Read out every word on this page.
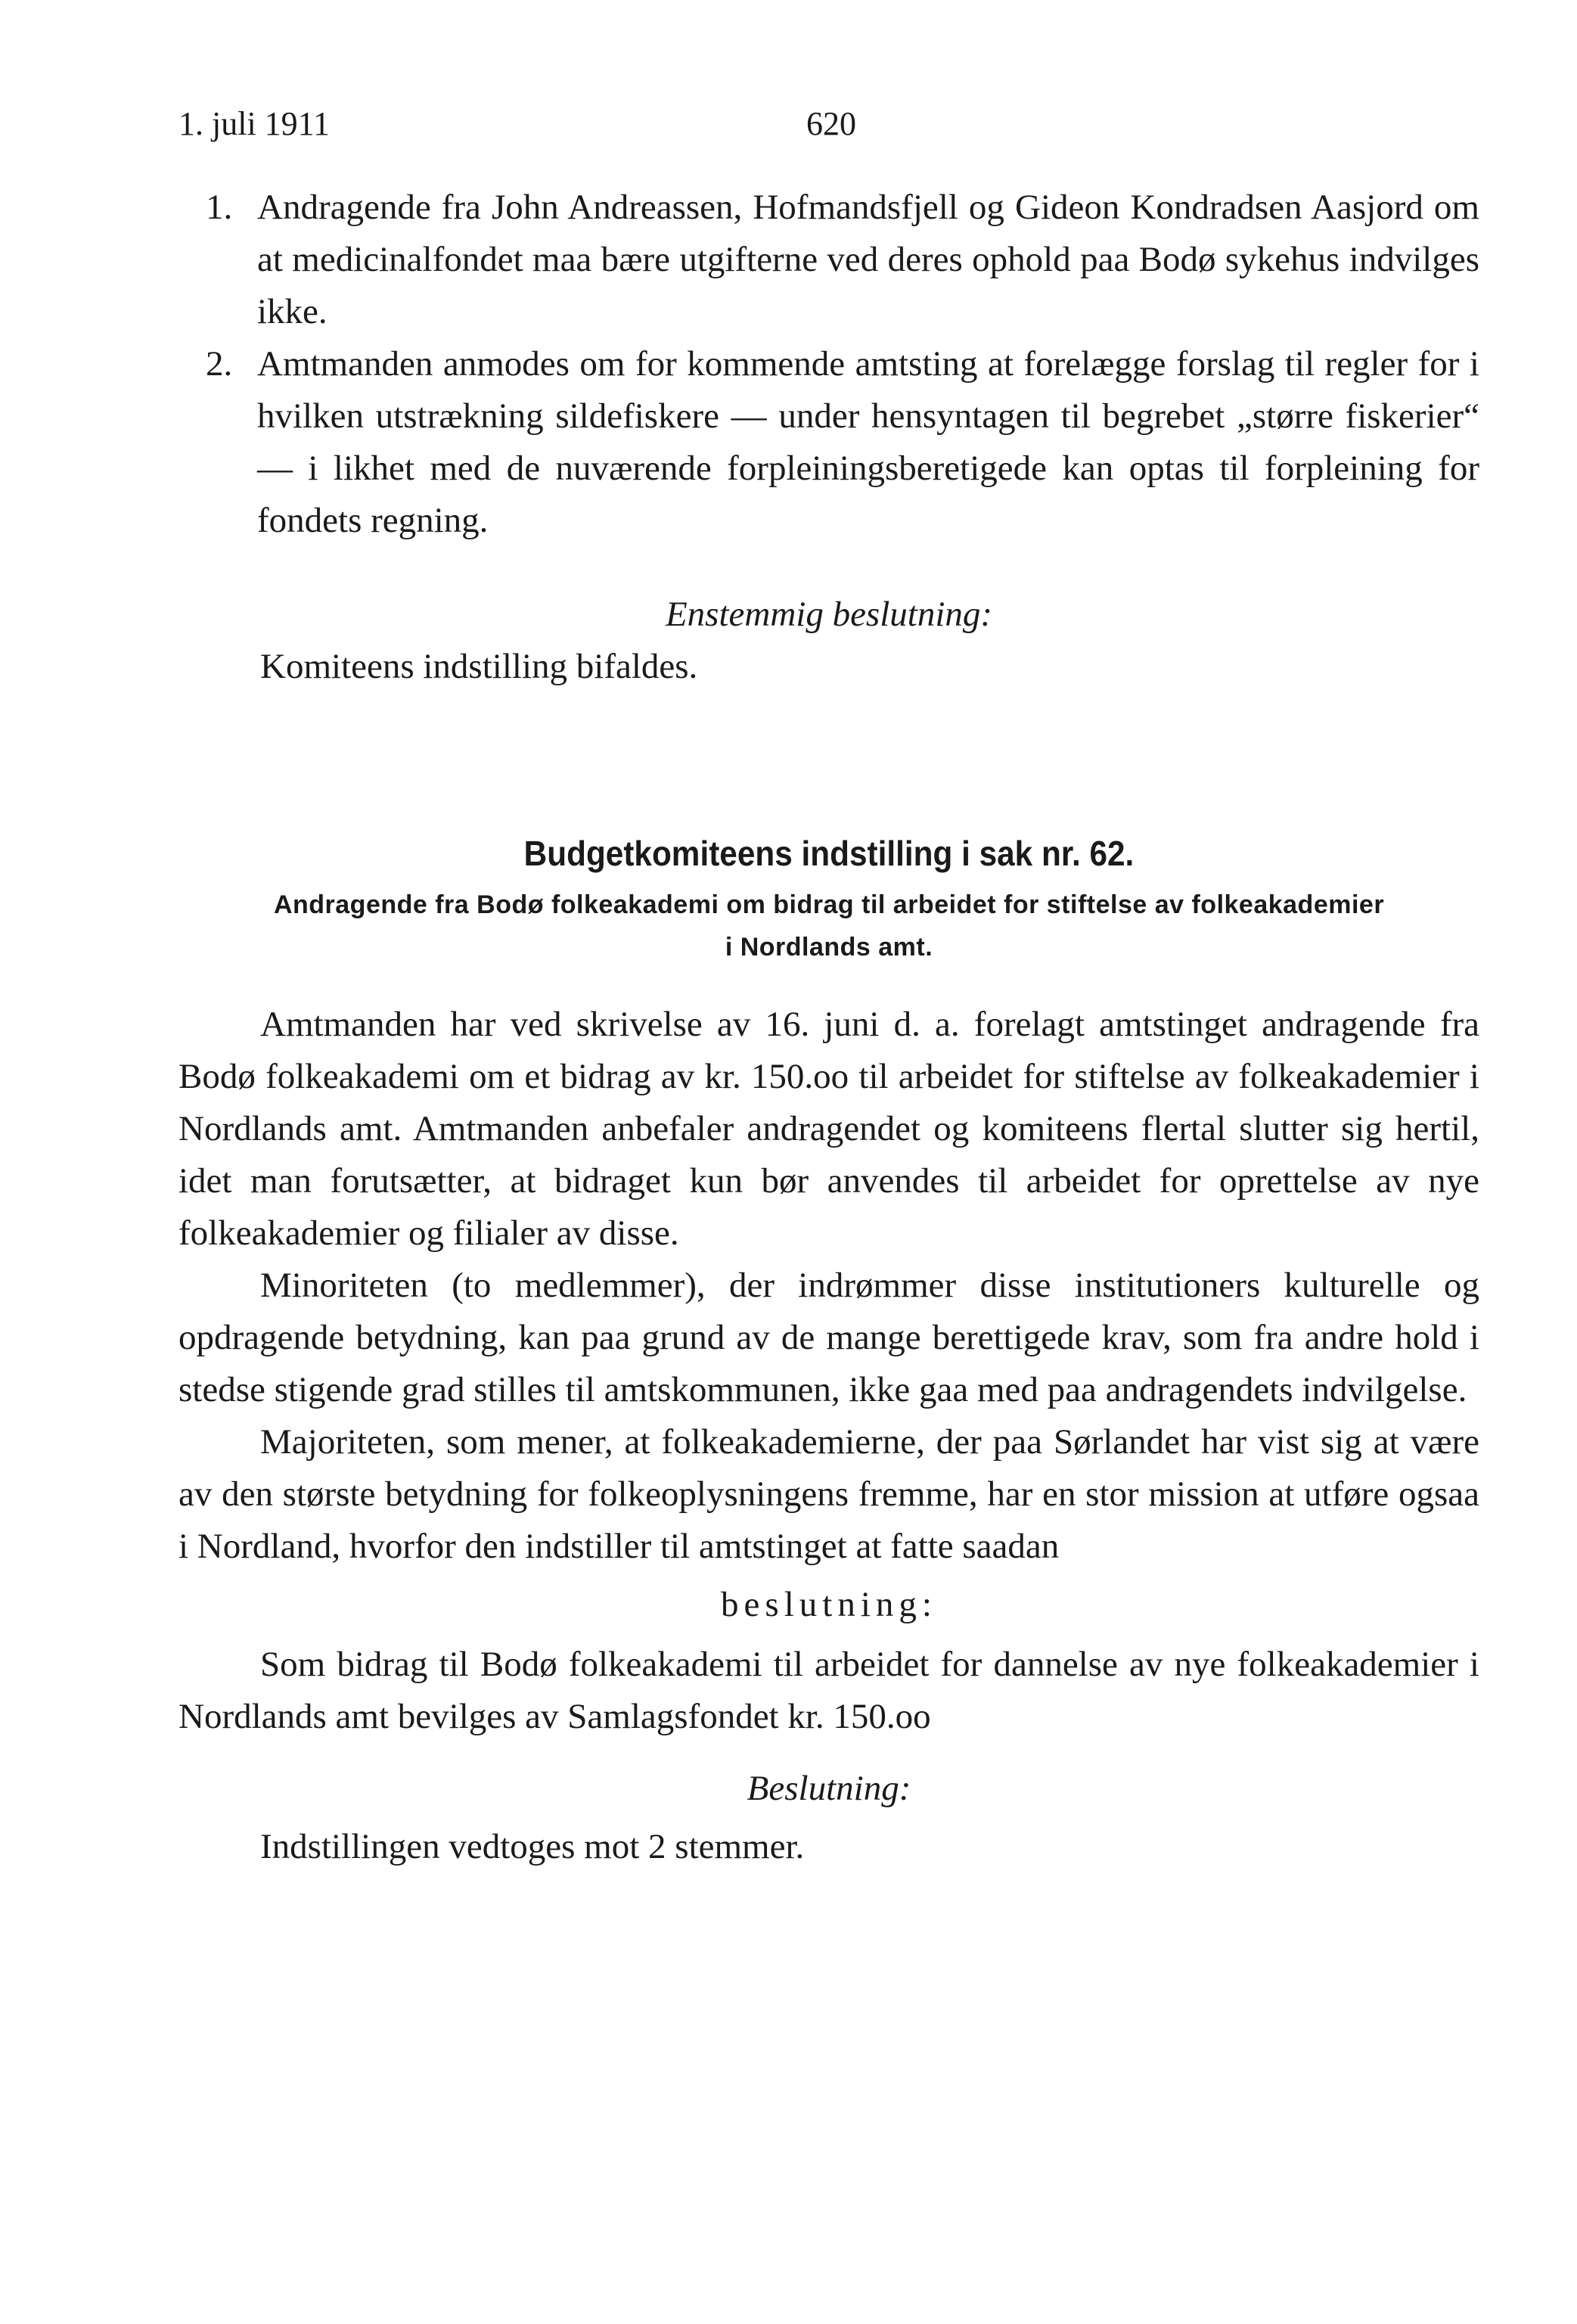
1. juli 1911	620

1. Andragende fra John Andreassen, Hofmandsfjell og Gideon Kondradsen Aasjord om at medicinalfondet maa bære utgifterne ved deres ophold paa Bodø sykehus indvilges ikke.

2. Amtmanden anmodes om for kommende amtsting at forelægge forslag til regler for i hvilken utstrækning sildefiskere — under hensyntagen til begrebet „større fiskerier“ — i likhet med de nuværende forpleiningsberetigede kan optas til forpleining for fondets regning.

Enstemmig beslutning:

Komiteens indstilling bifaldes.

Budgetkomiteens indstilling i sak nr. 62.
Andragende fra Bodø folkeakademi om bidrag til arbeidet for stiftelse av folkeakademier
i Nordlands amt.

Amtmanden har ved skrivelse av 16. juni d. a. forelagt amtstinget andragende fra Bodø folkeakademi om et bidrag av kr. 150.oo til arbeidet for stiftelse av folkeakademier i Nordlands amt. Amtmanden anbefaler andragendet og komiteens flertal slutter sig hertil, idet man forutsætter, at bidraget kun bør anvendes til arbeidet for oprettelse av nye folkeakademier og filialer av disse.

Minoriteten (to medlemmer), der indrømmer disse institutioners kulturelle og opdragende betydning, kan paa grund av de mange berettigede krav, som fra andre hold i stedse stigende grad stilles til amtskommunen, ikke gaa med paa andragendets indvilgelse.

Majoriteten, som mener, at folkeakademierne, der paa Sørlandet har vist sig at være av den største betydning for folkeoplysningens fremme, har en stor mission at utføre ogsaa i Nordland, hvorfor den indstiller til amtstinget at fatte saadan

beslutning:

Som bidrag til Bodø folkeakademi til arbeidet for dannelse av nye folkeakademier i Nordlands amt bevilges av Samlagsfondet kr. 150.oo

Beslutning:

Indstillingen vedtoges mot 2 stemmer.
